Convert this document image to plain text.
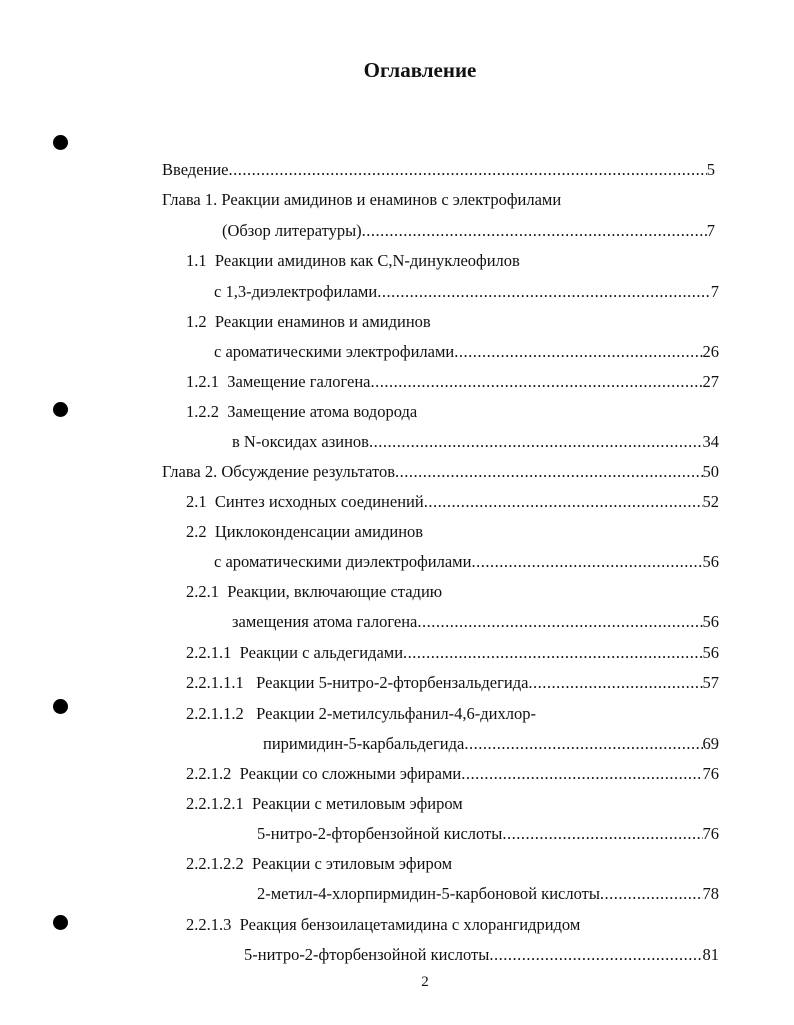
Оглавление
Введение .....	5
Глава 1. Реакции амидинов и енаминов с электрофилами
(Обзор литературы) .....	7
1.1  Реакции амидинов как C,N-динуклеофилов
с 1,3-диэлектрофилами .....	7
1.2  Реакции енаминов и амидинов
с ароматическими электрофилами .....	26
1.2.1  Замещение галогена .....	27
1.2.2  Замещение атома водорода
в N-оксидах азинов .....	34
Глава 2. Обсуждение результатов .....	50
2.1  Синтез исходных соединений .....	52
2.2  Циклоконденсации амидинов
с ароматическими диэлектрофилами .....	56
2.2.1  Реакции, включающие стадию
замещения атома галогена .....	56
2.2.1.1  Реакции с альдегидами .....	56
2.2.1.1.1   Реакции 5-нитро-2-фторбензальдегида .....	57
2.2.1.1.2   Реакции 2-метилсульфанил-4,6-дихлор-
пиримидин-5-карбальдегида .....	69
2.2.1.2  Реакции со сложными эфирами .....	76
2.2.1.2.1  Реакции с метиловым эфиром
5-нитро-2-фторбензойной кислоты .....	76
2.2.1.2.2  Реакции с этиловым эфиром
2-метил-4-хлорпирмидин-5-карбоновой кислоты .....	78
2.2.1.3  Реакция бензоилацетамидина с хлорангидридом
5-нитро-2-фторбензойной кислоты .....	81
2
